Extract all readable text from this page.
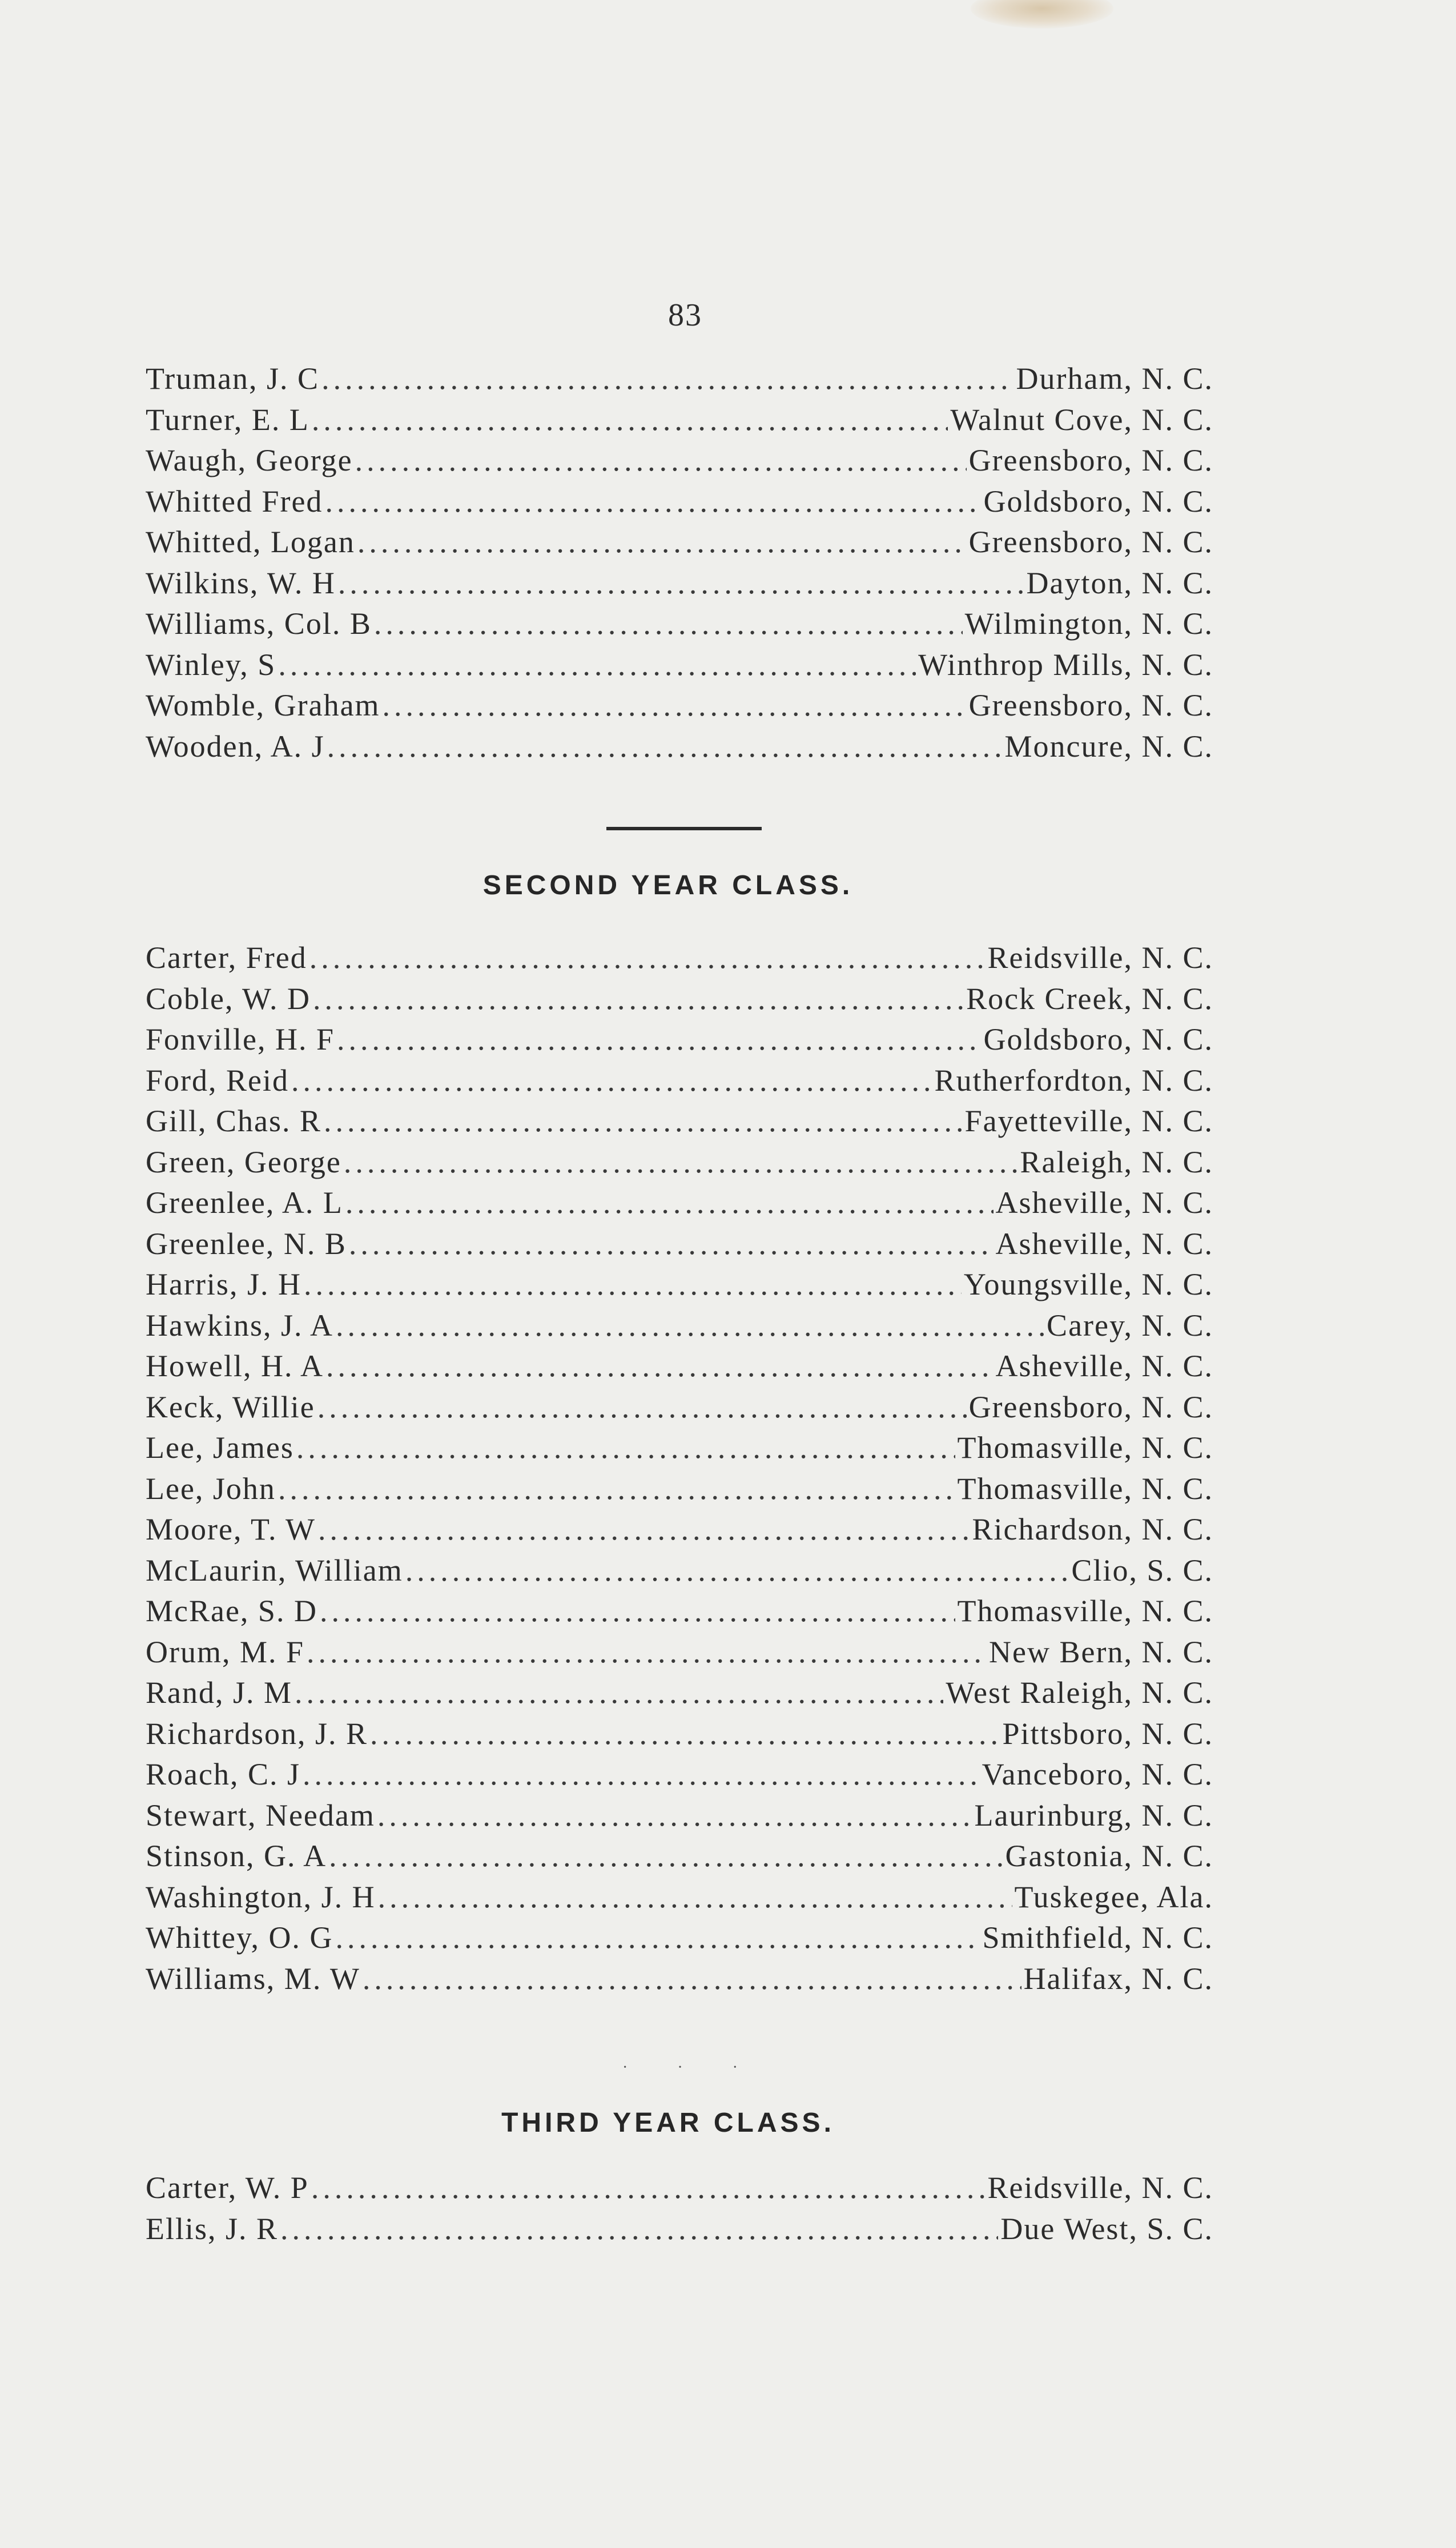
83
Truman, J. C .....	Durham, N. C.
Turner, E. L .....	Walnut Cove, N. C.
Waugh, George .....	Greensboro, N. C.
Whitted Fred .....	Goldsboro, N. C.
Whitted, Logan .....	Greensboro, N. C.
Wilkins, W. H .....	Dayton, N. C.
Williams, Col. B .....	Wilmington, N. C.
Winley, S .....	Winthrop Mills, N. C.
Womble, Graham .....	Greensboro, N. C.
Wooden, A. J .....	Moncure, N. C.
SECOND YEAR CLASS.
Carter, Fred .....	Reidsville, N. C.
Coble, W. D .....	Rock Creek, N. C.
Fonville, H. F .....	Goldsboro, N. C.
Ford, Reid .....	Rutherfordton, N. C.
Gill, Chas. R .....	Fayetteville, N. C.
Green, George .....	Raleigh, N. C.
Greenlee, A. L .....	Asheville, N. C.
Greenlee, N. B .....	Asheville, N. C.
Harris, J. H .....	Youngsville, N. C.
Hawkins, J. A .....	Carey, N. C.
Howell, H. A .....	Asheville, N. C.
Keck, Willie .....	Greensboro, N. C.
Lee, James .....	Thomasville, N. C.
Lee, John .....	Thomasville, N. C.
Moore, T. W .....	Richardson, N. C.
McLaurin, William .....	Clio, S. C.
McRae, S. D .....	Thomasville, N. C.
Orum, M. F .....	New Bern, N. C.
Rand, J. M .....	West Raleigh, N. C.
Richardson, J. R .....	Pittsboro, N. C.
Roach, C. J .....	Vanceboro, N. C.
Stewart, Needam .....	Laurinburg, N. C.
Stinson, G. A .....	Gastonia, N. C.
Washington, J. H .....	Tuskegee, Ala.
Whittey, O. G .....	Smithfield, N. C.
Williams, M. W .....	Halifax, N. C.
· · ·
THIRD YEAR CLASS.
Carter, W. P .....	Reidsville, N. C.
Ellis, J. R .....	Due West, S. C.
